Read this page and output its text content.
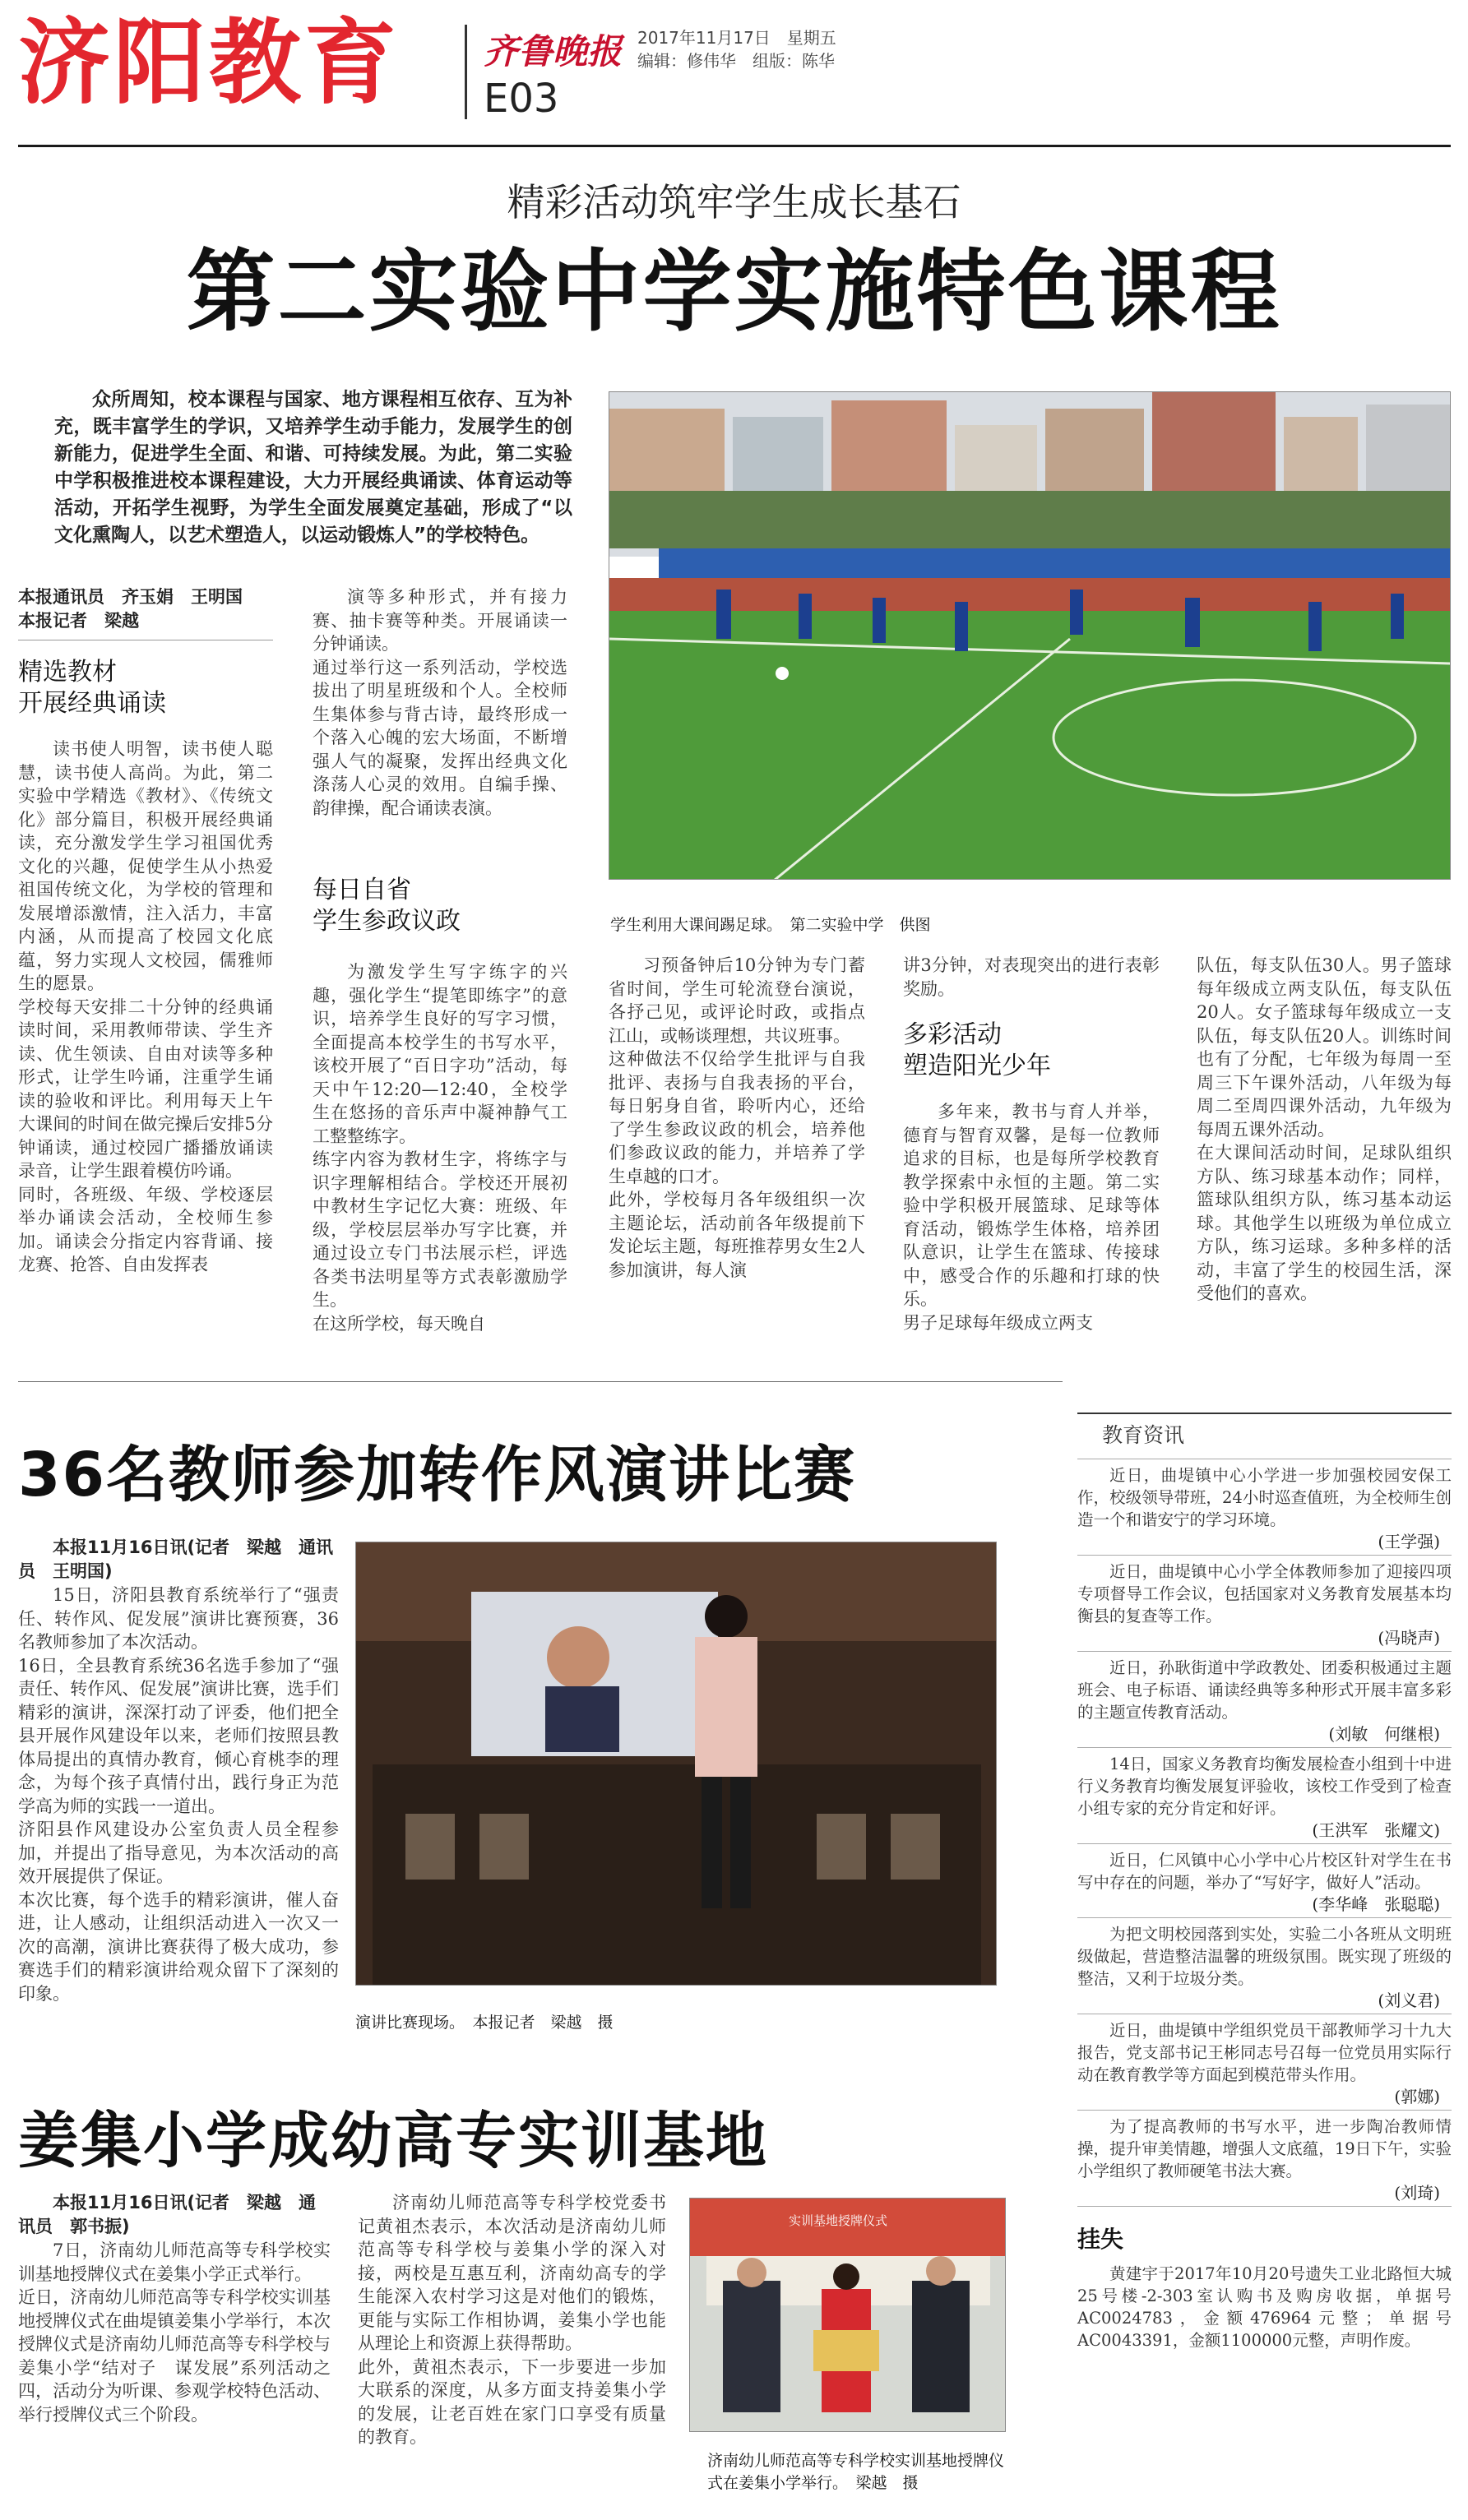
济阳教育 齐鲁晚报
E03
2017年11月17日　星期五
编辑：修伟华　组版：陈华
精彩活动筑牢学生成长基石
第二实验中学实施特色课程
众所周知，校本课程与国家、地方课程相互依存、互为补充，既丰富学生的学识，又培养学生动手能力，发展学生的创新能力，促进学生全面、和谐、可持续发展。为此，第二实验中学积极推进校本课程建设，大力开展经典诵读、体育运动等活动，开拓学生视野，为学生全面发展奠定基础，形成了“以文化熏陶人，以艺术塑造人，以运动锻炼人”的学校特色。
学生利用大课间踢足球。　第二实验中学　供图
本报通讯员　齐玉娟　王明国
本报记者　梁越
精选教材
开展经典诵读
读书使人明智，读书使人聪慧，读书使人高尚。为此，第二实验中学精选《教材》、《传统文化》部分篇目，积极开展经典诵读，充分激发学生学习祖国优秀文化的兴趣，促使学生从小热爱祖国传统文化，为学校的管理和发展增添激情，注入活力，丰富内涵，从而提高了校园文化底蕴，努力实现人文校园，儒雅师生的愿景。
学校每天安排二十分钟的经典诵读时间，采用教师带读、学生齐读、优生领读、自由对读等多种形式，让学生吟诵，注重学生诵读的验收和评比。利用每天上午大课间的时间在做完操后安排5分钟诵读，通过校园广播播放诵读录音，让学生跟着模仿吟诵。
同时，各班级、年级、学校逐层举办诵读会活动，全校师生参加。诵读会分指定内容背诵、接龙赛、抢答、自由发挥表
演等多种形式，并有接力赛、抽卡赛等种类。开展诵读一分钟诵读。
通过举行这一系列活动，学校选拔出了明星班级和个人。全校师生集体参与背古诗，最终形成一个落入心魄的宏大场面，不断增强人气的凝聚，发挥出经典文化涤荡人心灵的效用。自编手操、韵律操，配合诵读表演。
每日自省
学生参政议政
为激发学生写字练字的兴趣，强化学生“提笔即练字”的意识，培养学生良好的写字习惯，全面提高本校学生的书写水平，该校开展了“百日字功”活动，每天中午12:20—12:40，全校学生在悠扬的音乐声中凝神静气工工整整练字。
练字内容为教材生字，将练字与识字理解相结合。学校还开展初中教材生字记忆大赛：班级、年级，学校层层举办写字比赛，并通过设立专门书法展示栏，评选各类书法明星等方式表彰激励学生。
在这所学校，每天晚自
习预备钟后10分钟为专门蓄省时间，学生可轮流登台演说，各抒己见，或评论时政，或指点江山，或畅谈理想，共议班事。
这种做法不仅给学生批评与自我批评、表扬与自我表扬的平台，每日躬身自省，聆听内心，还给了学生参政议政的机会，培养他们参政议政的能力，并培养了学生卓越的口才。
此外，学校每月各年级组织一次主题论坛，活动前各年级提前下发论坛主题，每班推荐男女生2人参加演讲，每人演
讲3分钟，对表现突出的进行表彰奖励。
多彩活动
塑造阳光少年
多年来，教书与育人并举，德育与智育双馨，是每一位教师追求的目标，也是每所学校教育教学探索中永恒的主题。第二实验中学积极开展篮球、足球等体育活动，锻炼学生体格，培养团队意识，让学生在篮球、传接球中，感受合作的乐趣和打球的快乐。
男子足球每年级成立两支
队伍，每支队伍30人。男子篮球每年级成立两支队伍，每支队伍20人。女子篮球每年级成立一支队伍，每支队伍20人。训练时间也有了分配，七年级为每周一至周三下午课外活动，八年级为每周二至周四课外活动，九年级为每周五课外活动。
在大课间活动时间，足球队组织方队、练习球基本动作；同样，篮球队组织方队，练习基本动运球。其他学生以班级为单位成立方队，练习运球。多种多样的活动，丰富了学生的校园生活，深受他们的喜欢。
36名教师参加转作风演讲比赛
本报11月16日讯(记者　梁越　通讯员　王明国)
15日，济阳县教育系统举行了“强责任、转作风、促发展”演讲比赛预赛，36名教师参加了本次活动。
16日，全县教育系统36名选手参加了“强责任、转作风、促发展”演讲比赛，选手们精彩的演讲，深深打动了评委，他们把全县开展作风建设年以来，老师们按照县教体局提出的真情办教育，倾心育桃李的理念，为每个孩子真情付出，践行身正为范学高为师的实践一一道出。
济阳县作风建设办公室负责人员全程参加，并提出了指导意见，为本次活动的高效开展提供了保证。
本次比赛，每个选手的精彩演讲，催人奋进，让人感动，让组织活动进入一次又一次的高潮，演讲比赛获得了极大成功，参赛选手们的精彩演讲给观众留下了深刻的印象。
演讲比赛现场。　本报记者　梁越　摄
姜集小学成幼高专实训基地
本报11月16日讯(记者　梁越　通讯员　郭书振)
7日，济南幼儿师范高等专科学校实训基地授牌仪式在姜集小学正式举行。
近日，济南幼儿师范高等专科学校实训基地授牌仪式在曲堤镇姜集小学举行，本次授牌仪式是济南幼儿师范高等专科学校与姜集小学“结对子　谋发展”系列活动之四，活动分为听课、参观学校特色活动、举行授牌仪式三个阶段。
济南幼儿师范高等专科学校党委书记黄祖杰表示，本次活动是济南幼儿师范高等专科学校与姜集小学的深入对接，两校是互惠互利，济南幼高专的学生能深入农村学习这是对他们的锻炼，更能与实际工作相协调，姜集小学也能从理论上和资源上获得帮助。
此外，黄祖杰表示，下一步要进一步加大联系的深度，从多方面支持姜集小学的发展，让老百姓在家门口享受有质量的教育。
实训基地授牌仪式
济南幼儿师范高等专科学校实训基地授牌仪式在姜集小学举行。　梁越　摄
教育资讯
近日，曲堤镇中心小学进一步加强校园安保工作，校级领导带班，24小时巡查值班，为全校师生创造一个和谐安宁的学习环境。
(王学强)
近日，曲堤镇中心小学全体教师参加了迎接四项专项督导工作会议，包括国家对义务教育发展基本均衡县的复查等工作。
(冯晓声)
近日，孙耿街道中学政教处、团委积极通过主题班会、电子标语、诵读经典等多种形式开展丰富多彩的主题宣传教育活动。
(刘敏　何继根)
14日，国家义务教育均衡发展检查小组到十中进行义务教育均衡发展复评验收，该校工作受到了检查小组专家的充分肯定和好评。
(王洪军　张耀文)
近日，仁风镇中心小学中心片校区针对学生在书写中存在的问题，举办了“写好字，做好人”活动。
(李华峰　张聪聪)
为把文明校园落到实处，实验二小各班从文明班级做起，营造整洁温馨的班级氛围。既实现了班级的整洁，又利于垃圾分类。
(刘义君)
近日，曲堤镇中学组织党员干部教师学习十九大报告，党支部书记王彬同志号召每一位党员用实际行动在教育教学等方面起到模范带头作用。
(郭娜)
为了提高教师的书写水平，进一步陶冶教师情操，提升审美情趣，增强人文底蕴，19日下午，实验小学组织了教师硬笔书法大赛。
(刘琦)
挂失
黄建宇于2017年10月20号遗失工业北路恒大城25号楼-2-303室认购书及购房收据，单据号AC0024783，金额476964元整；单据号AC0043391，金额1100000元整，声明作废。
